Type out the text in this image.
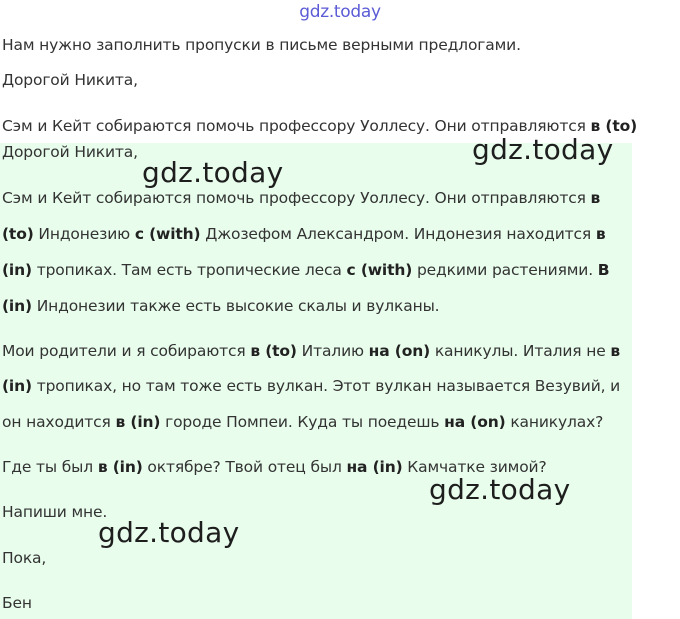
gdz.today
Нам нужно заполнить пропуски в письме верными предлогами.
Дорогой Никита,
Сэм и Кейт собираются помочь профессору Уоллесу. Они отправляются в (to)
Дорогой Никита,
Сэм и Кейт собираются помочь профессору Уоллесу. Они отправляются в
(to) Индонезию с (with) Джозефом Александром. Индонезия находится в
(in) тропиках. Там есть тропические леса с (with) редкими растениями. В
(in) Индонезии также есть высокие скалы и вулканы.
Мои родители и я собираются в (to) Италию на (on) каникулы. Италия не в
(in) тропиках, но там тоже есть вулкан. Этот вулкан называется Везувий, и
он находится в (in) городе Помпеи. Куда ты поедешь на (on) каникулах?
Где ты был в (in) октябре? Твой отец был на (in) Камчатке зимой?
Напиши мне.
Пока,
Бен
gdz.today
gdz.today
gdz.today
gdz.today
